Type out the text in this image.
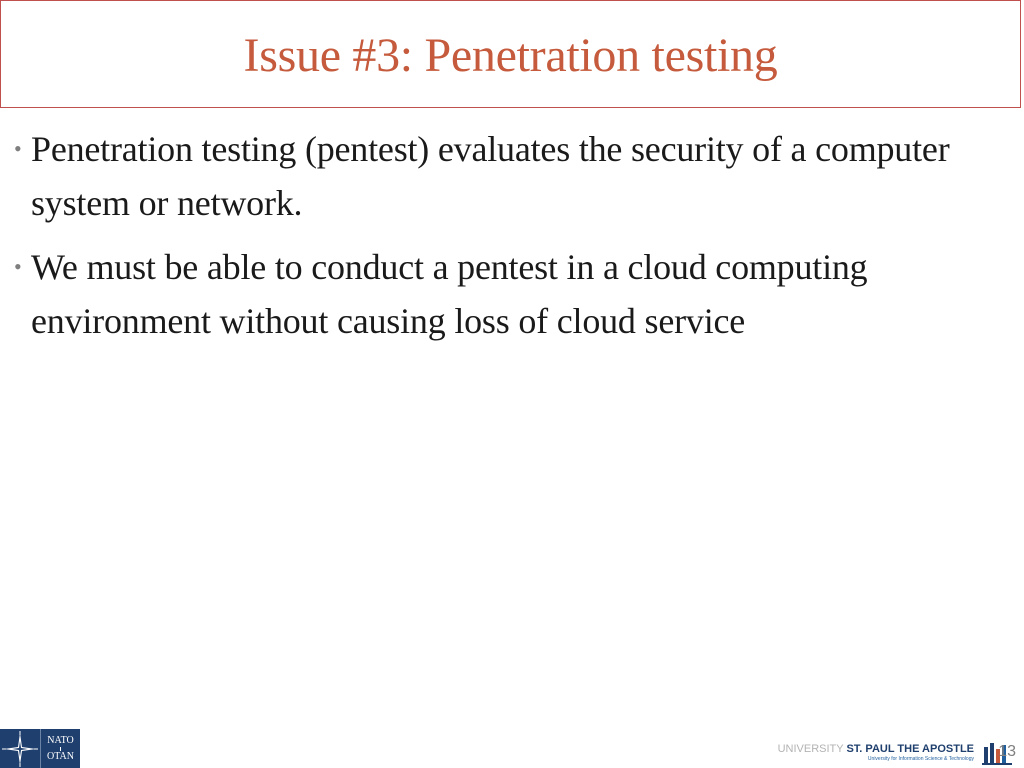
Issue #3: Penetration testing
• Penetration testing (pentest) evaluates the security of a computer system or network.
• We must be able to conduct a pentest in a cloud computing environment without causing loss of cloud service
NATO
OTAN
UNIVERSITY ST. PAUL THE APOSTLE
University for Information Science & Technology 13
